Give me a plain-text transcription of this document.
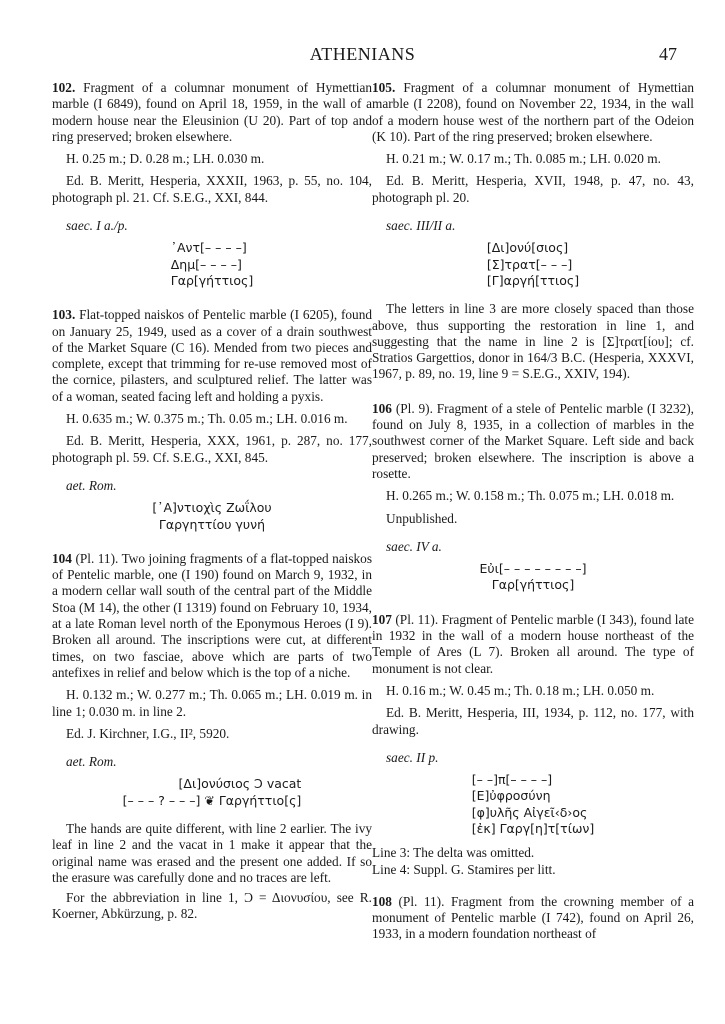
ATHENIANS	47

102. Fragment of a columnar monument of Hymettian marble (I 6849), found on April 18, 1959, in the wall of a modern house near the Eleusinion (U 20). Part of top and ring preserved; broken elsewhere.

H. 0.25 m.; D. 0.28 m.; LH. 0.030 m.

Ed. B. Meritt, Hesperia, XXXII, 1963, p. 55, no. 104, photograph pl. 21. Cf. S.E.G., XXI, 844.

saec. I a./p.

᾿Αντ[– – – –]
Δημ[– – – –]
Γαρ[γήττιος]

103. Flat-topped naiskos of Pentelic marble (I 6205), found on January 25, 1949, used as a cover of a drain southwest of the Market Square (C 16). Mended from two pieces and complete, except that trimming for re-use removed most of the cornice, pilasters, and sculptured relief. The latter was of a woman, seated facing left and holding a pyxis.

H. 0.635 m.; W. 0.375 m.; Th. 0.05 m.; LH. 0.016 m.

Ed. B. Meritt, Hesperia, XXX, 1961, p. 287, no. 177, photograph pl. 59. Cf. S.E.G., XXI, 845.

aet. Rom.

[᾿Α]ντιοχὶς Ζωΐλου
Γαργηττίου γυνή

104 (Pl. 11). Two joining fragments of a flat-topped naiskos of Pentelic marble, one (I 190) found on March 9, 1932, in a modern cellar wall south of the central part of the Middle Stoa (M 14), the other (I 1319) found on February 10, 1934, at a late Roman level north of the Eponymous Heroes (I 9). Broken all around. The inscriptions were cut, at different times, on two fasciae, above which are parts of two antefixes in relief and below which is the top of a niche.

H. 0.132 m.; W. 0.277 m.; Th. 0.065 m.; LH. 0.019 m. in line 1; 0.030 m. in line 2.

Ed. J. Kirchner, I.G., II², 5920.

aet. Rom.

[Δι]ονύσιος Ͻ vacat
[– – – ? – – –] ❦ Γαργήττιο[ς]

The hands are quite different, with line 2 earlier. The ivy leaf in line 2 and the vacat in 1 make it appear that the original name was erased and the present one added. If so the erasure was carefully done and no traces are left.

For the abbreviation in line 1, Ͻ = Διονυσίου, see R. Koerner, Abkürzung, p. 82.

105. Fragment of a columnar monument of Hymettian marble (I 2208), found on November 22, 1934, in the wall of a modern house west of the northern part of the Odeion (K 10). Part of the ring preserved; broken elsewhere.

H. 0.21 m.; W. 0.17 m.; Th. 0.085 m.; LH. 0.020 m.

Ed. B. Meritt, Hesperia, XVII, 1948, p. 47, no. 43, photograph pl. 20.

saec. III/II a.

[Δι]ονύ[σιος]
[Σ]τρατ[– – –]
[Γ]αργή[ττιος]

The letters in line 3 are more closely spaced than those above, thus supporting the restoration in line 1, and suggesting that the name in line 2 is [Σ]τρατ[ίου]; cf. Stratios Gargettios, donor in 164/3 B.C. (Hesperia, XXXVI, 1967, p. 89, no. 19, line 9 = S.E.G., XXIV, 194).

106 (Pl. 9). Fragment of a stele of Pentelic marble (I 3232), found on July 8, 1935, in a collection of marbles in the southwest corner of the Market Square. Left side and back preserved; broken elsewhere. The inscription is above a rosette.

H. 0.265 m.; W. 0.158 m.; Th. 0.075 m.; LH. 0.018 m.

Unpublished.

saec. IV a.

Εὐι[– – – – – – – –]
Γαρ[γήττιος]

107 (Pl. 11). Fragment of Pentelic marble (I 343), found late in 1932 in the wall of a modern house northeast of the Temple of Ares (L 7). Broken all around. The type of monument is not clear.

H. 0.16 m.; W. 0.45 m.; Th. 0.18 m.; LH. 0.050 m.

Ed. B. Meritt, Hesperia, III, 1934, p. 112, no. 177, with drawing.

saec. II p.

[– –]π[– – – –]
[Ε]ὐφροσύνη
[φ]υλῆς Αἰγεῖ‹δ›ος
[ἐκ] Γαργ[η]τ[τίων]

Line 3: The delta was omitted.

Line 4: Suppl. G. Stamires per litt.

108 (Pl. 11). Fragment from the crowning member of a monument of Pentelic marble (I 742), found on April 26, 1933, in a modern foundation northeast of
